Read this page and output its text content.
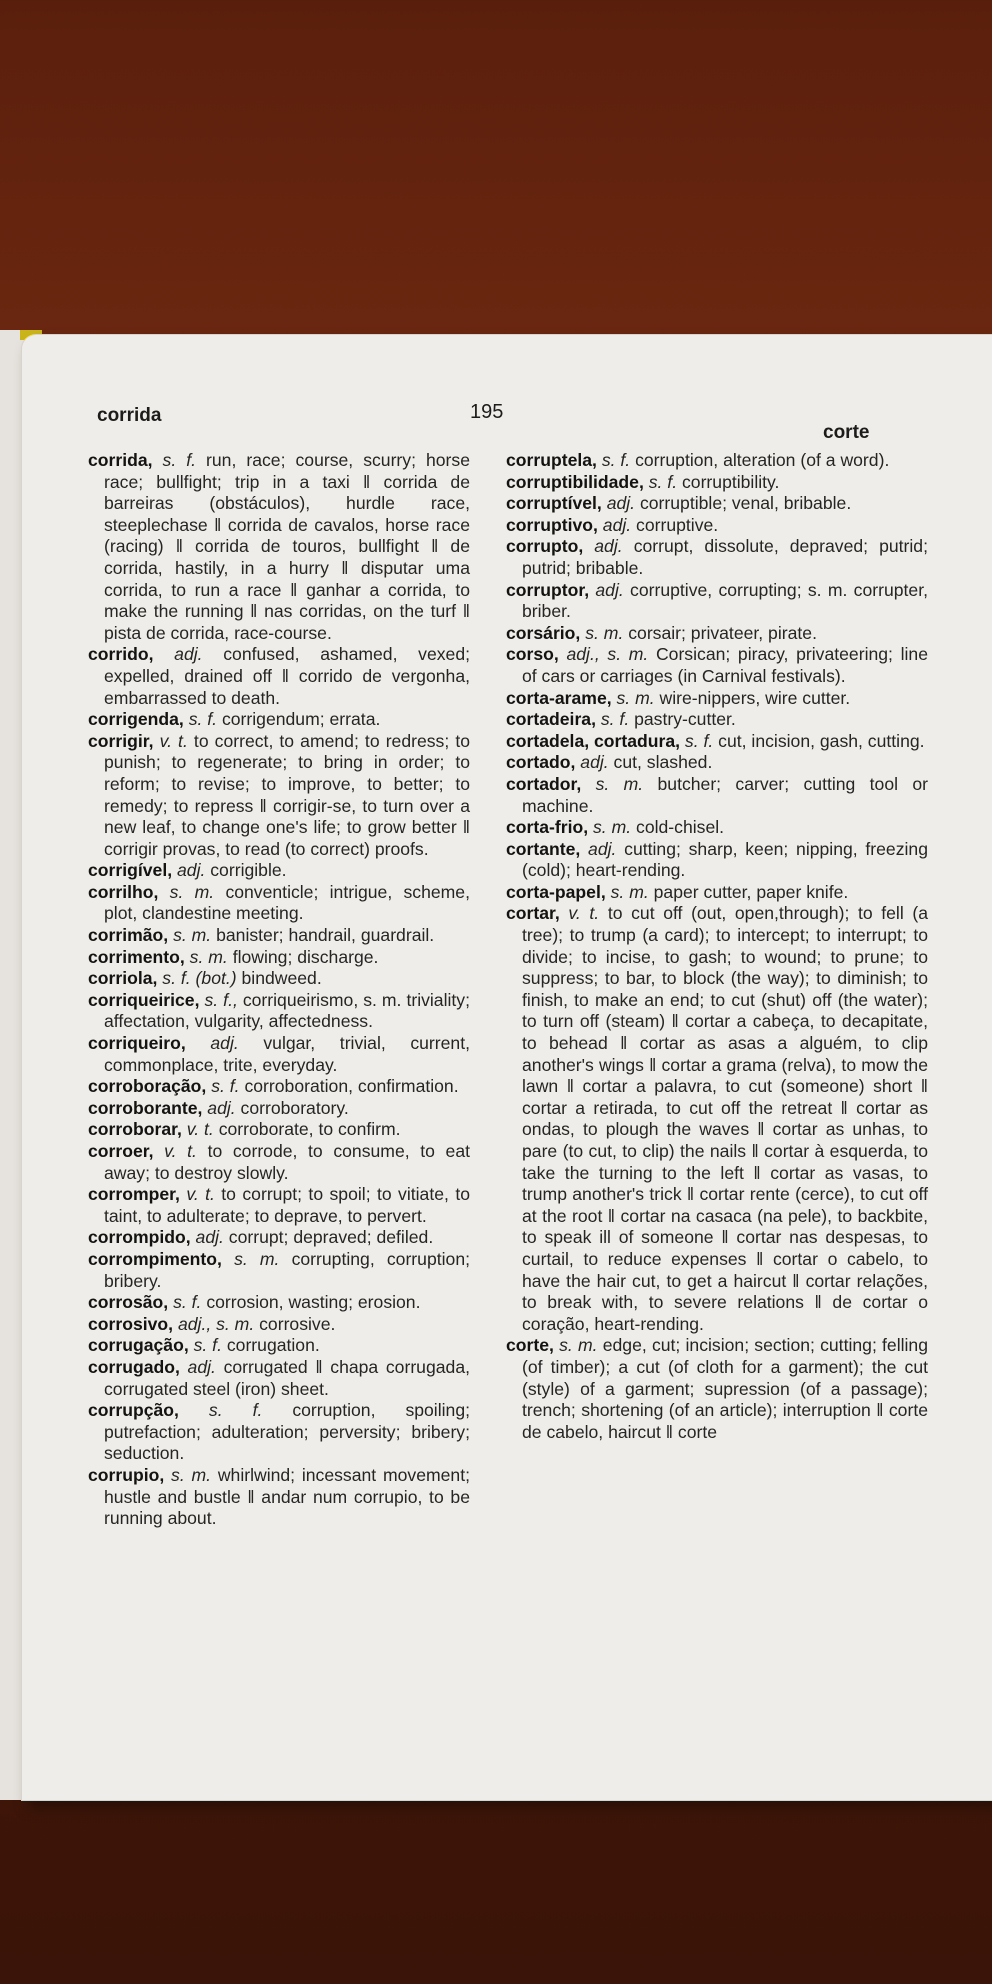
corrida	195
corte

corrida, s. f. run, race; course, scurry; horse race; bullfight; trip in a taxi ‖ corrida de barreiras (obstáculos), hurdle race, steeplechase ‖ corrida de cavalos, horse race (racing) ‖ corrida de touros, bullfight ‖ de corrida, hastily, in a hurry ‖ disputar uma corrida, to run a race ‖ ganhar a corrida, to make the running ‖ nas corridas, on the turf ‖ pista de corrida, race-course.

corrido, adj. confused, ashamed, vexed; expelled, drained off ‖ corrido de vergonha, embarrassed to death.

corrigenda, s. f. corrigendum; errata.

corrigir, v. t. to correct, to amend; to redress; to punish; to regenerate; to bring in order; to reform; to revise; to improve, to better; to remedy; to repress ‖ corrigir-se, to turn over a new leaf, to change one's life; to grow better ‖ corrigir provas, to read (to correct) proofs.

corrigível, adj. corrigible.

corrilho, s. m. conventicle; intrigue, scheme, plot, clandestine meeting.

corrimão, s. m. banister; handrail, guardrail.

corrimento, s. m. flowing; discharge.

corriola, s. f. (bot.) bindweed.

corriqueirice, s. f., corriqueirismo, s. m. triviality; affectation, vulgarity, affectedness.

corriqueiro, adj. vulgar, trivial, current, commonplace, trite, everyday.

corroboração, s. f. corroboration, confirmation.

corroborante, adj. corroboratory.

corroborar, v. t. corroborate, to confirm.

corroer, v. t. to corrode, to consume, to eat away; to destroy slowly.

corromper, v. t. to corrupt; to spoil; to vitiate, to taint, to adulterate; to deprave, to pervert.

corrompido, adj. corrupt; depraved; defiled.

corrompimento, s. m. corrupting, corruption; bribery.

corrosão, s. f. corrosion, wasting; erosion.

corrosivo, adj., s. m. corrosive.

corrugação, s. f. corrugation.

corrugado, adj. corrugated ‖ chapa corrugada, corrugated steel (iron) sheet.

corrupção, s. f. corruption, spoiling; putrefaction; adulteration; perversity; bribery; seduction.

corrupio, s. m. whirlwind; incessant movement; hustle and bustle ‖ andar num corrupio, to be running about.

corruptela, s. f. corruption, alteration (of a word).

corruptibilidade, s. f. corruptibility.

corruptível, adj. corruptible; venal, bribable.

corruptivo, adj. corruptive.

corrupto, adj. corrupt, dissolute, depraved; putrid; putrid; bribable.

corruptor, adj. corruptive, corrupting; s. m. corrupter, briber.

corsário, s. m. corsair; privateer, pirate.

corso, adj., s. m. Corsican; piracy, privateering; line of cars or carriages (in Carnival festivals).

corta-arame, s. m. wire-nippers, wire cutter.

cortadeira, s. f. pastry-cutter.

cortadela, cortadura, s. f. cut, incision, gash, cutting.

cortado, adj. cut, slashed.

cortador, s. m. butcher; carver; cutting tool or machine.

corta-frio, s. m. cold-chisel.

cortante, adj. cutting; sharp, keen; nipping, freezing (cold); heart-rending.

corta-papel, s. m. paper cutter, paper knife.

cortar, v. t. to cut off (out, open,through); to fell (a tree); to trump (a card); to intercept; to interrupt; to divide; to incise, to gash; to wound; to prune; to suppress; to bar, to block (the way); to diminish; to finish, to make an end; to cut (shut) off (the water); to turn off (steam) ‖ cortar a cabeça, to decapitate, to behead ‖ cortar as asas a alguém, to clip another's wings ‖ cortar a grama (relva), to mow the lawn ‖ cortar a palavra, to cut (someone) short ‖ cortar a retirada, to cut off the retreat ‖ cortar as ondas, to plough the waves ‖ cortar as unhas, to pare (to cut, to clip) the nails ‖ cortar à esquerda, to take the turning to the left ‖ cortar as vasas, to trump another's trick ‖ cortar rente (cerce), to cut off at the root ‖ cortar na casaca (na pele), to backbite, to speak ill of someone ‖ cortar nas despesas, to curtail, to reduce expenses ‖ cortar o cabelo, to have the hair cut, to get a haircut ‖ cortar relações, to break with, to severe relations ‖ de cortar o coração, heart-rending.

corte, s. m. edge, cut; incision; section; cutting; felling (of timber); a cut (of cloth for a garment); the cut (style) of a garment; supression (of a passage); trench; shortening (of an article); interruption ‖ corte de cabelo, haircut ‖ corte
